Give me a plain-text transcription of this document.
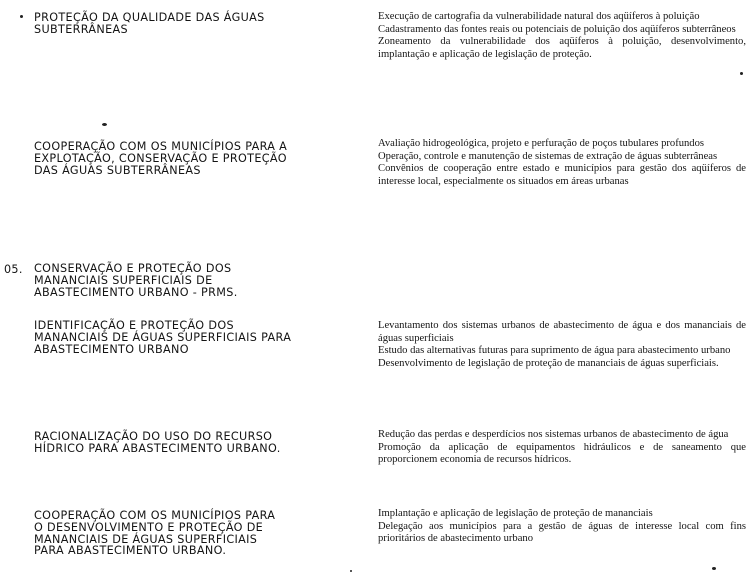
PROTEÇÃO DA QUALIDADE DAS ÁGUAS
SUBTERRÂNEAS

Execução de cartografia da vulnerabilidade natural dos aqüíferos à poluição

Cadastramento das fontes reais ou potenciais de poluição dos aqüíferos subterrâneos

Zoneamento da vulnerabilidade dos aqüíferos à poluição, desenvolvimento, implantação e aplicação de legislação de proteção.

COOPERAÇÃO COM OS MUNICÍPIOS PARA A
EXPLOTAÇÃO, CONSERVAÇÃO E PROTEÇÃO
DAS ÁGUAS SUBTERRÂNEAS

Avaliação hidrogeológica, projeto e perfuração de poços tubulares profundos

Operação, controle e manutenção de sistemas de extração de águas subterrâneas

Convênios de cooperação entre estado e municípios para gestão dos aqüíferos de interesse local, especialmente os situados em áreas urbanas

05. CONSERVAÇÃO E PROTEÇÃO DOS
MANANCIAIS SUPERFICIAIS DE
ABASTECIMENTO URBANO - PRMS.
IDENTIFICAÇÃO E PROTEÇÃO DOS
MANANCIAIS DE ÁGUAS SUPERFICIAIS PARA
ABASTECIMENTO URBANO

Levantamento dos sistemas urbanos de abastecimento de água e dos mananciais de águas superficiais

Estudo das alternativas futuras para suprimento de água para abastecimento urbano

Desenvolvimento de legislação de proteção de mananciais de águas superficiais.

RACIONALIZAÇÃO DO USO DO RECURSO
HÍDRICO PARA ABASTECIMENTO URBANO.

Redução das perdas e desperdícios nos sistemas urbanos de abastecimento de água

Promoção da aplicação de equipamentos hidráulicos e de saneamento que proporcionem economia de recursos hídricos.

COOPERAÇÃO COM OS MUNICÍPIOS PARA
O DESENVOLVIMENTO E PROTEÇÃO DE
MANANCIAIS DE ÁGUAS SUPERFICIAIS
PARA ABASTECIMENTO URBANO.

Implantação e aplicação de legislação de proteção de mananciais

Delegação aos municípios para a gestão de águas de interesse local com fins prioritários de abastecimento urbano
